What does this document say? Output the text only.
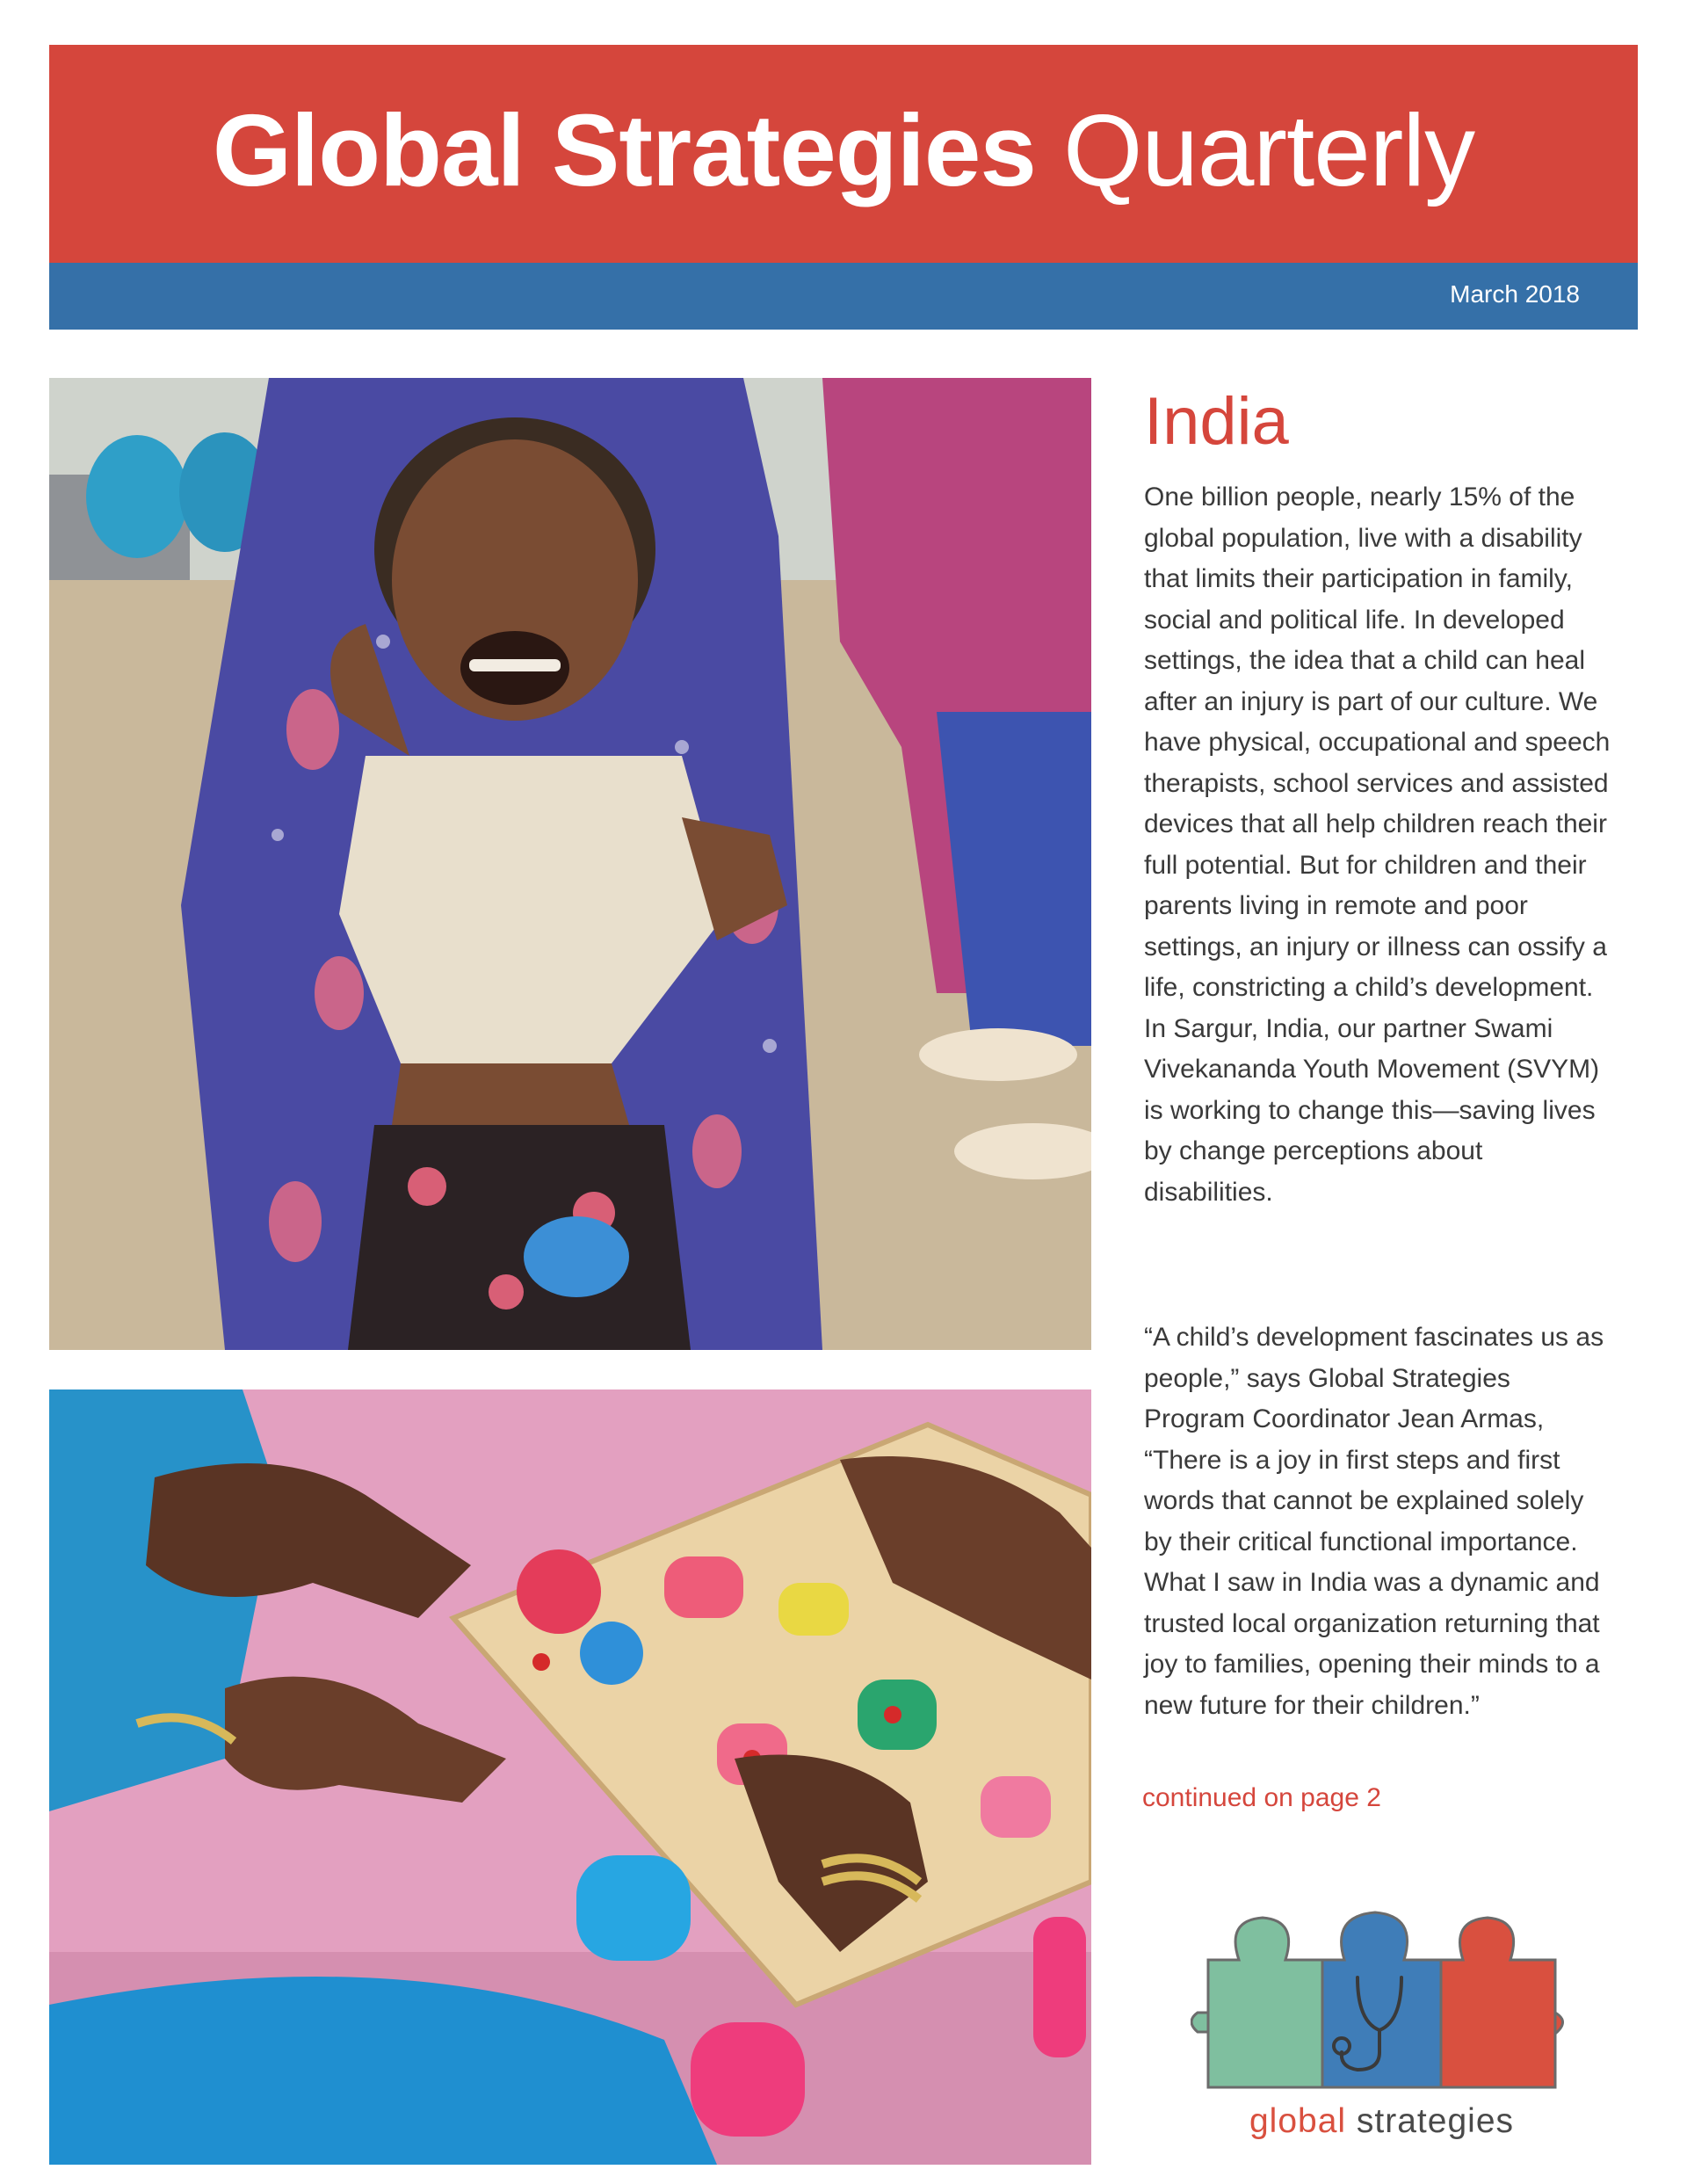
Global Strategies Quarterly
March 2018
India

One billion people, nearly 15% of the global population, live with a disability that limits their participation in family, social and political life. In developed settings, the idea that a child can heal after an injury is part of our culture. We have physical, occupational and speech therapists, school services and assisted devices that all help children reach their full potential. But for children and their parents living in remote and poor settings, an injury or illness can ossify a life, constricting a child’s development. In Sargur, India, our partner Swami Vivekananda Youth Movement (SVYM) is working to change this—saving lives by change perceptions about disabilities.

“A child’s development fascinates us as people,” says Global Strategies Program Coordinator Jean Armas, “There is a joy in first steps and first words that cannot be explained solely by their critical functional importance. What I saw in India was a dynamic and trusted local organization returning that joy to families, opening their minds to a new future for their children.”

continued on page 2
global strategies
